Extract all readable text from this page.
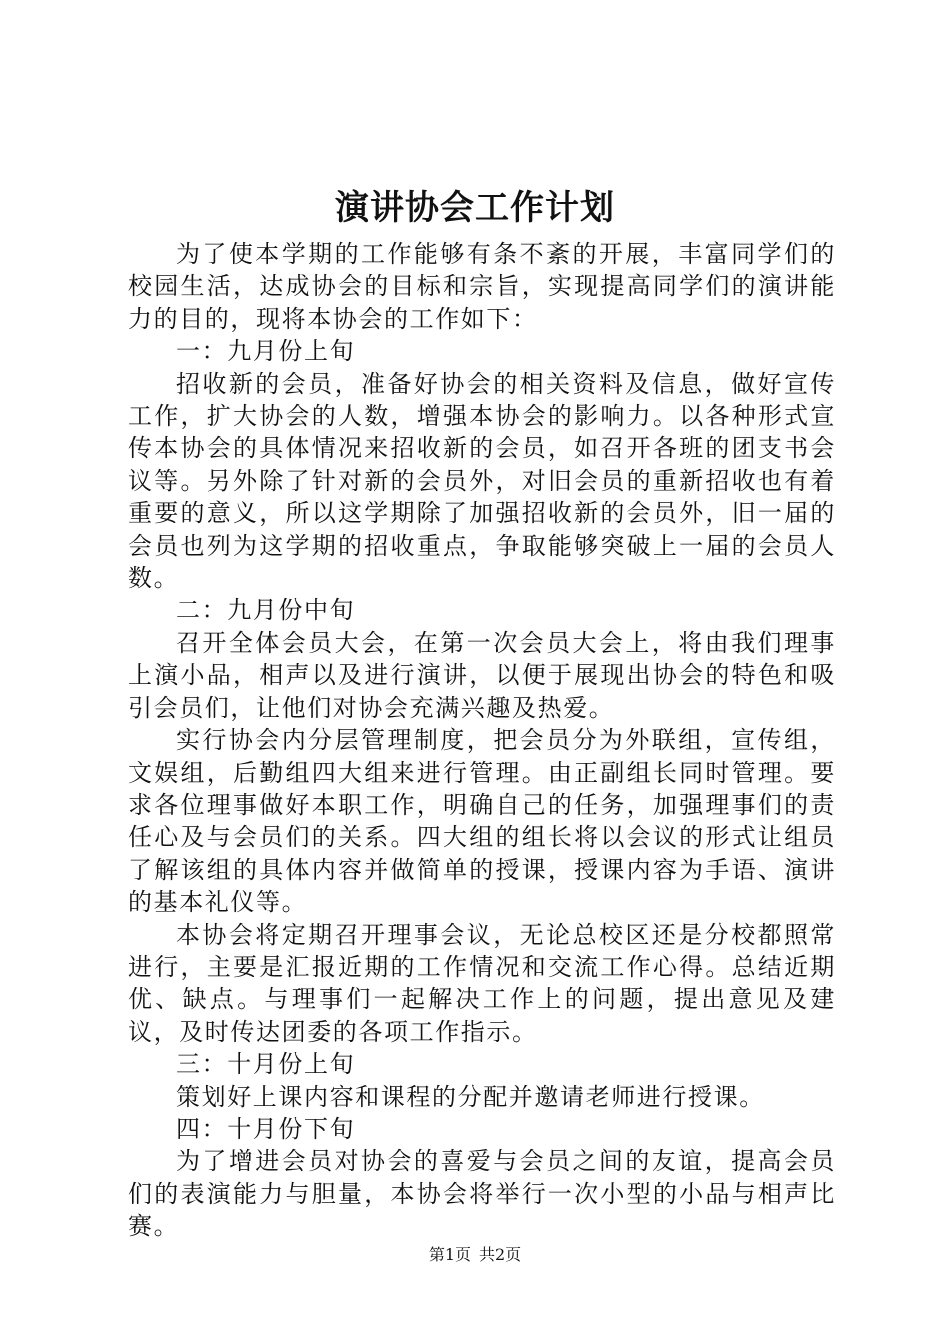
演讲协会工作计划

为了使本学期的工作能够有条不紊的开展，丰富同学们的校园生活，达成协会的目标和宗旨，实现提高同学们的演讲能力的目的，现将本协会的工作如下：

一：九月份上旬

招收新的会员，准备好协会的相关资料及信息，做好宣传工作，扩大协会的人数，增强本协会的影响力。以各种形式宣传本协会的具体情况来招收新的会员，如召开各班的团支书会议等。另外除了针对新的会员外，对旧会员的重新招收也有着重要的意义，所以这学期除了加强招收新的会员外，旧一届的会员也列为这学期的招收重点，争取能够突破上一届的会员人数。

二：九月份中旬

召开全体会员大会，在第一次会员大会上，将由我们理事上演小品，相声以及进行演讲，以便于展现出协会的特色和吸引会员们，让他们对协会充满兴趣及热爱。

实行协会内分层管理制度，把会员分为外联组，宣传组，文娱组，后勤组四大组来进行管理。由正副组长同时管理。要求各位理事做好本职工作，明确自己的任务，加强理事们的责任心及与会员们的关系。四大组的组长将以会议的形式让组员了解该组的具体内容并做简单的授课，授课内容为手语、演讲的基本礼仪等。

本协会将定期召开理事会议，无论总校区还是分校都照常进行，主要是汇报近期的工作情况和交流工作心得。总结近期优、缺点。与理事们一起解决工作上的问题，提出意见及建议，及时传达团委的各项工作指示。

三：十月份上旬

策划好上课内容和课程的分配并邀请老师进行授课。

四：十月份下旬

为了增进会员对协会的喜爱与会员之间的友谊，提高会员们的表演能力与胆量，本协会将举行一次小型的小品与相声比赛。

第1页 共2页
